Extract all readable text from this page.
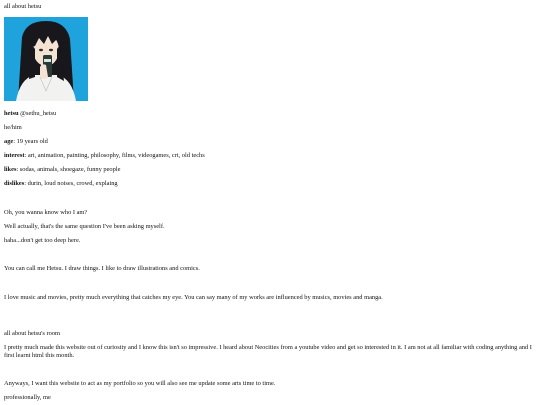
all about hetsu
hetsu @sethu_hetsu
he/him
age: 19 years old
interest: art, animation, painting, philosophy, films, videogames, crt, old techs
likes: sodas, animals, shoegaze, funny people
dislikes: durin, loud noises, crowd, explaing
Oh, you wanna know who I am?
Well actually, that's the same question I've been asking myself.
haha...don't get too deep here.
You can call me Hetsu. I draw things. I like to draw illustrations and comics.
I love music and movies, pretty much everything that catches my eye. You can say many of my works are influenced by musics, movies and manga.
all about hetsu's room
I pretty much made this website out of curiosity and I know this isn't so impressive. I heard about Neocities from a youtube video and get so interested in it. I am not at all familiar with coding anything and I first learnt html this month.
Anyways, I want this website to act as my portfolio so you will also see me update some arts time to time.
professionally, me
